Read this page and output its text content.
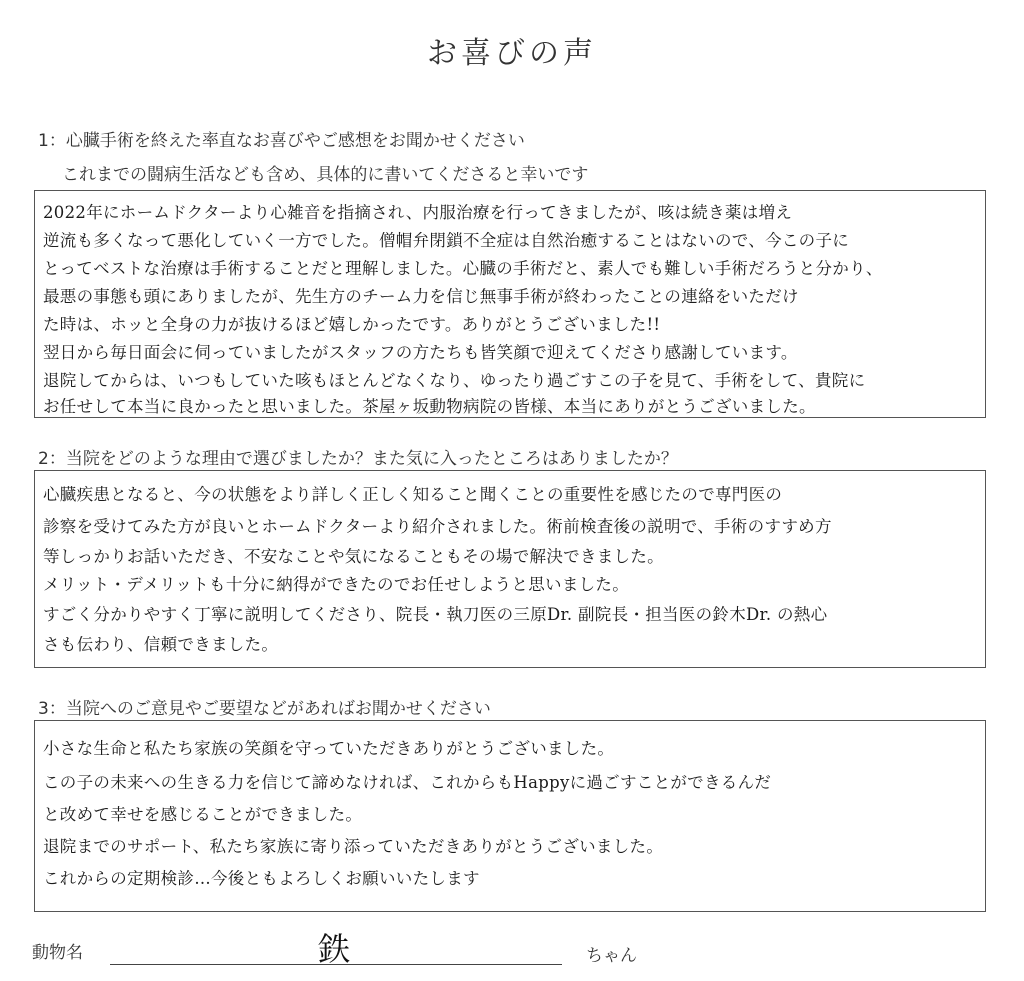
お喜びの声
1：心臓手術を終えた率直なお喜びやご感想をお聞かせください
これまでの闘病生活なども含め、具体的に書いてくださると幸いです
2022年にホームドクターより心雑音を指摘され、内服治療を行ってきましたが、咳は続き薬は増え
逆流も多くなって悪化していく一方でした。僧帽弁閉鎖不全症は自然治癒することはないので、今この子に
とってベストな治療は手術することだと理解しました。心臓の手術だと、素人でも難しい手術だろうと分かり、
最悪の事態も頭にありましたが、先生方のチーム力を信じ無事手術が終わったことの連絡をいただけ
た時は、ホッと全身の力が抜けるほど嬉しかったです。ありがとうございました!!
翌日から毎日面会に伺っていましたがスタッフの方たちも皆笑顔で迎えてくださり感謝しています。
退院してからは、いつもしていた咳もほとんどなくなり、ゆったり過ごすこの子を見て、手術をして、貴院に
お任せして本当に良かったと思いました。茶屋ヶ坂動物病院の皆様、本当にありがとうございました。
2：当院をどのような理由で選びましたか？また気に入ったところはありましたか？
心臓疾患となると、今の状態をより詳しく正しく知ること聞くことの重要性を感じたので専門医の
診察を受けてみた方が良いとホームドクターより紹介されました。術前検査後の説明で、手術のすすめ方
等しっかりお話いただき、不安なことや気になることもその場で解決できました。
メリット・デメリットも十分に納得ができたのでお任せしようと思いました。
すごく分かりやすく丁寧に説明してくださり、院長・執刀医の三原Dr. 副院長・担当医の鈴木Dr. の熱心
さも伝わり、信頼できました。
3：当院へのご意見やご要望などがあればお聞かせください
小さな生命と私たち家族の笑顔を守っていただきありがとうございました。
この子の未来への生きる力を信じて諦めなければ、これからもHappyに過ごすことができるんだ
と改めて幸せを感じることができました。
退院までのサポート、私たち家族に寄り添っていただきありがとうございました。
これからの定期検診…今後ともよろしくお願いいたします
動物名	鉄	ちゃん
